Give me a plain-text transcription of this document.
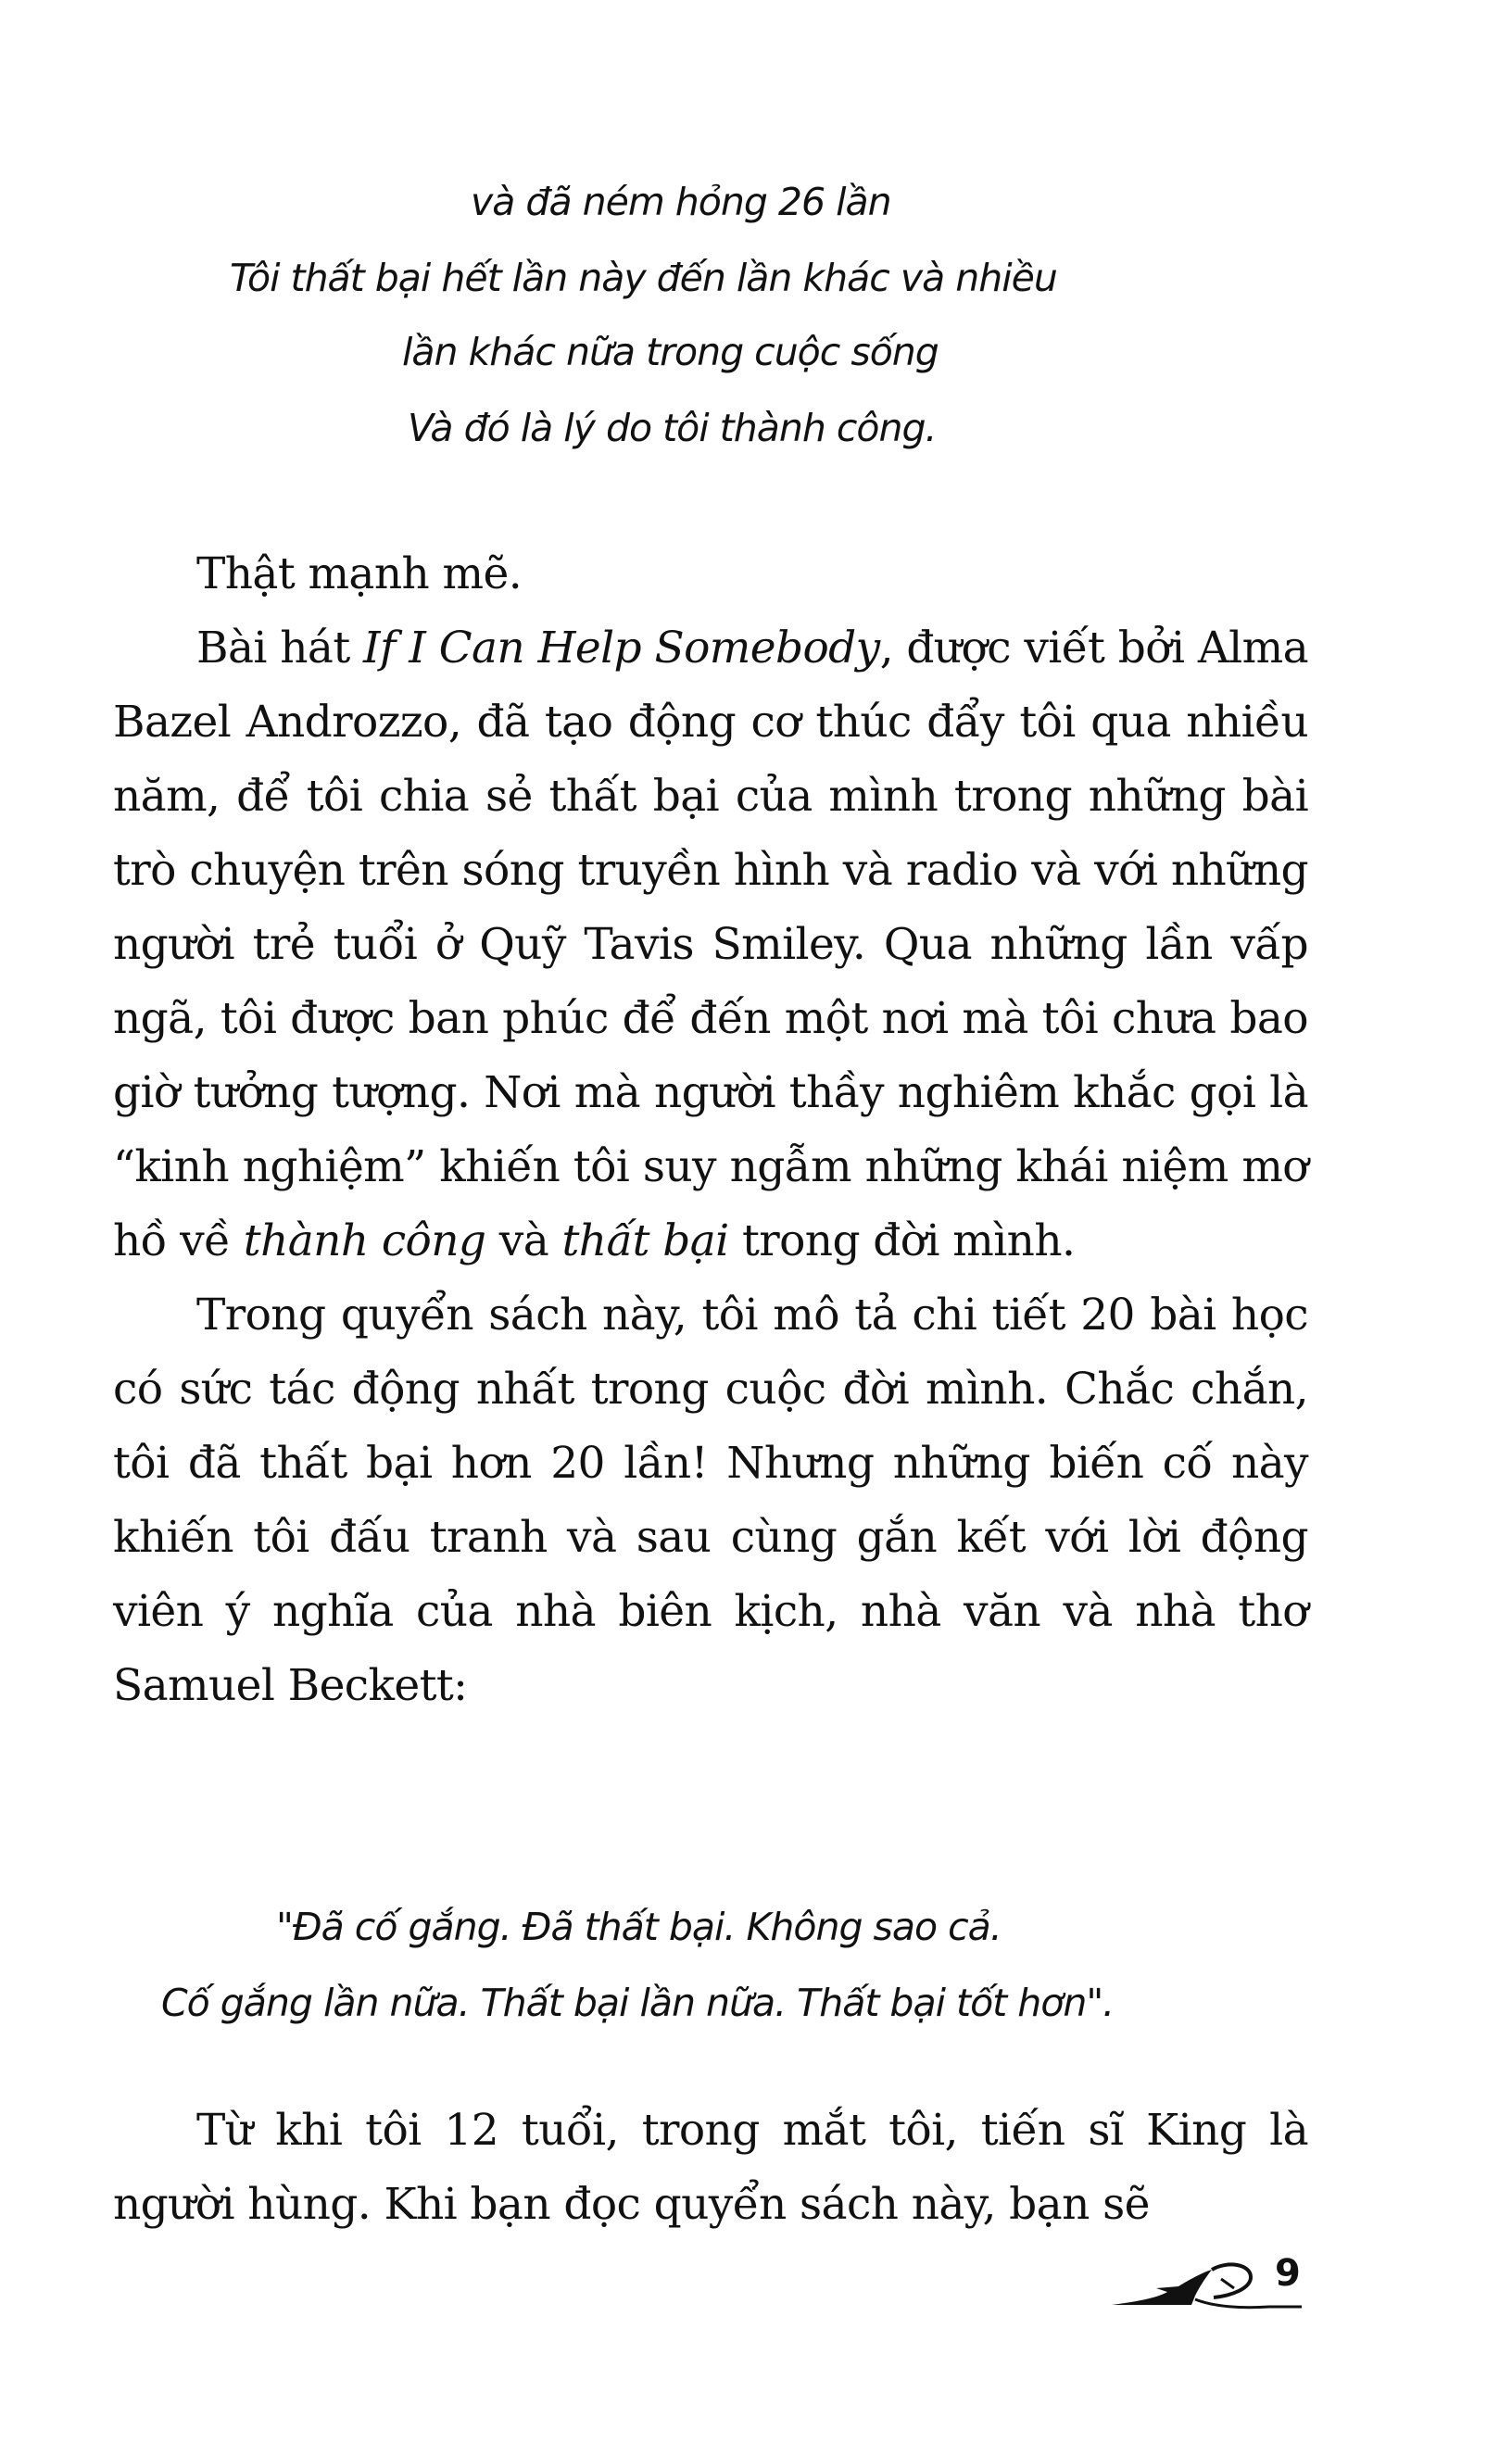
và đã ném hỏng 26 lần
Tôi thất bại hết lần này đến lần khác và nhiều
lần khác nữa trong cuộc sống
Và đó là lý do tôi thành công.

Thật mạnh mẽ.

Bài hát If I Can Help Somebody, được viết bởi Alma Bazel Androzzo, đã tạo động cơ thúc đẩy tôi qua nhiều năm, để tôi chia sẻ thất bại của mình trong những bài trò chuyện trên sóng truyền hình và radio và với những người trẻ tuổi ở Quỹ Tavis Smiley. Qua những lần vấp ngã, tôi được ban phúc để đến một nơi mà tôi chưa bao giờ tưởng tượng. Nơi mà người thầy nghiêm khắc gọi là “kinh nghiệm” khiến tôi suy ngẫm những khái niệm mơ hồ về thành công và thất bại trong đời mình.

Trong quyển sách này, tôi mô tả chi tiết 20 bài học có sức tác động nhất trong cuộc đời mình. Chắc chắn, tôi đã thất bại hơn 20 lần! Nhưng những biến cố này khiến tôi đấu tranh và sau cùng gắn kết với lời động viên ý nghĩa của nhà biên kịch, nhà văn và nhà thơ Samuel Beckett:

"Đã cố gắng. Đã thất bại. Không sao cả.
Cố gắng lần nữa. Thất bại lần nữa. Thất bại tốt hơn".

Từ khi tôi 12 tuổi, trong mắt tôi, tiến sĩ King là người hùng. Khi bạn đọc quyển sách này, bạn sẽ

9
